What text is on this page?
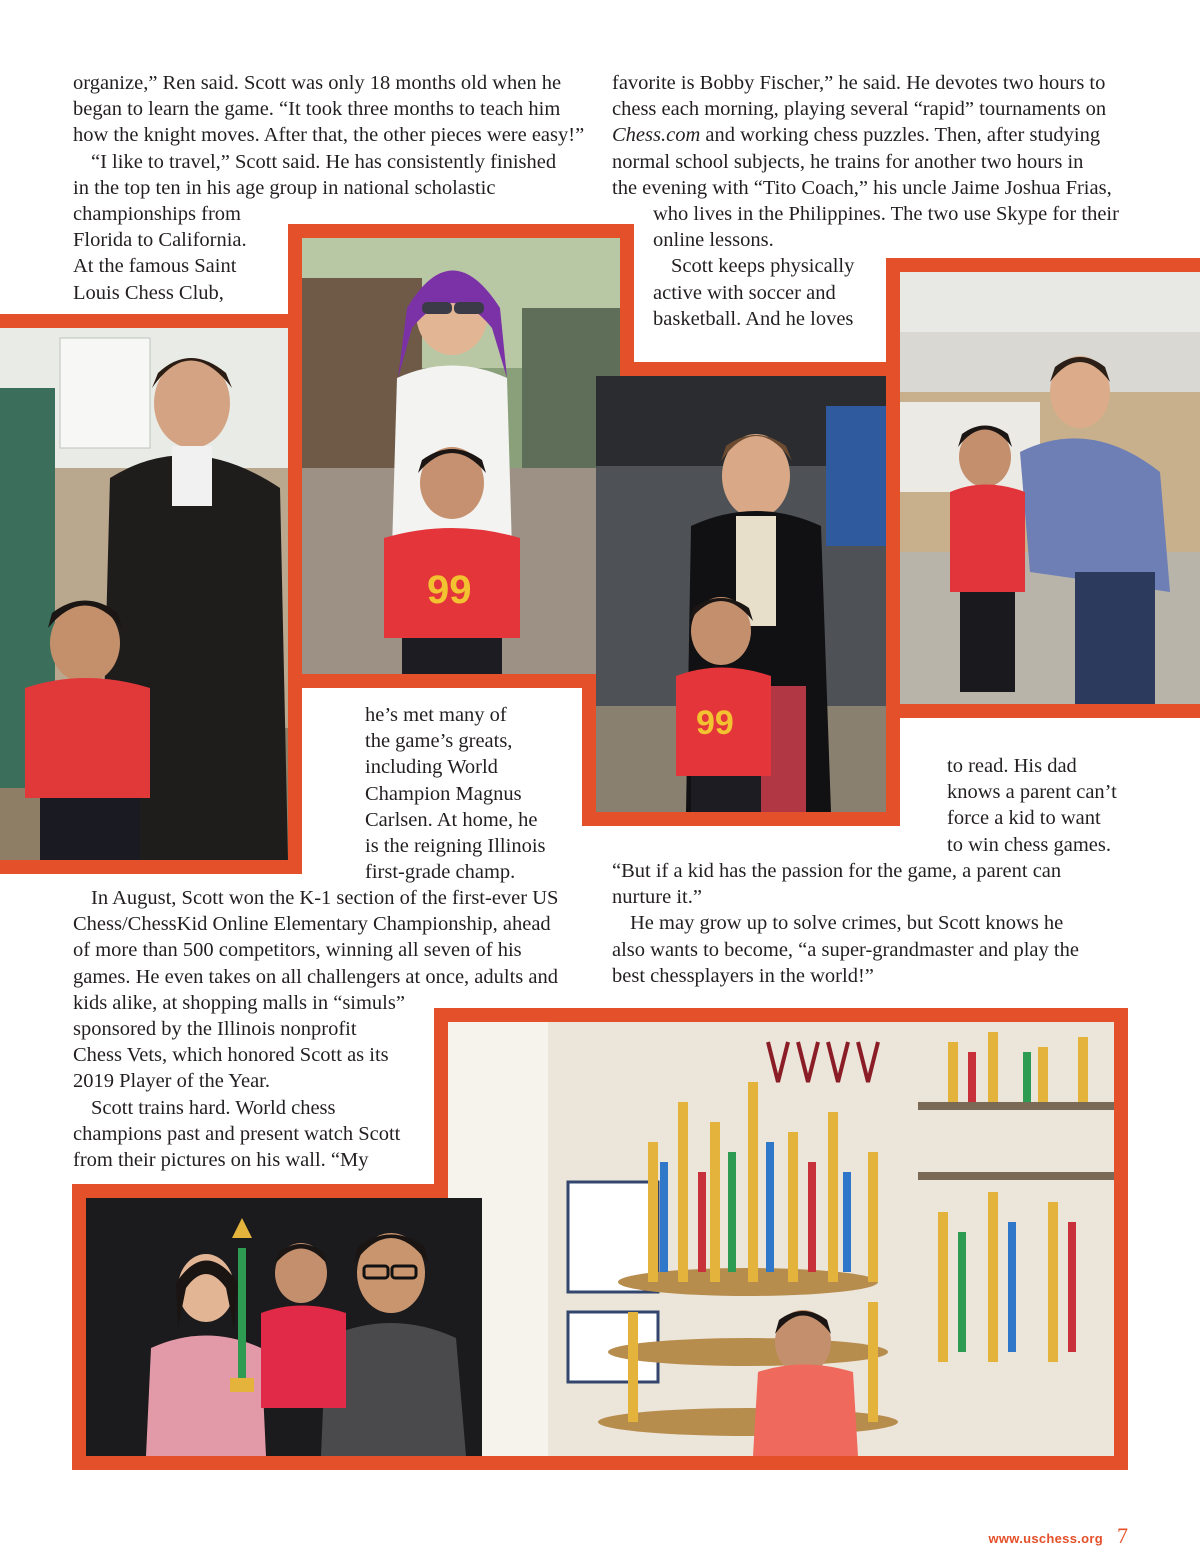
organize,” Ren said. Scott was only 18 months old when he
began to learn the game. “It took three months to teach him
how the knight moves. After that, the other pieces were easy!”
“I like to travel,” Scott said. He has consistently finished
in the top ten in his age group in national scholastic
championships from
Florida to California.
At the famous Saint
Louis Chess Club,
he’s met many of
the game’s greats,
including World
Champion Magnus
Carlsen. At home, he
is the reigning Illinois
first-grade champ.
In August, Scott won the K-1 section of the first-ever US
Chess/ChessKid Online Elementary Championship, ahead
of more than 500 competitors, winning all seven of his
games. He even takes on all challengers at once, adults and
kids alike, at shopping malls in “simuls”
sponsored by the Illinois nonprofit
Chess Vets, which honored Scott as its
2019 Player of the Year.
Scott trains hard. World chess
champions past and present watch Scott
from their pictures on his wall. “My
favorite is Bobby Fischer,” he said. He devotes two hours to
chess each morning, playing several “rapid” tournaments on
Chess.com and working chess puzzles. Then, after studying
normal school subjects, he trains for another two hours in
the evening with “Tito Coach,” his uncle Jaime Joshua Frias,
who lives in the Philippines. The two use Skype for their
online lessons.
Scott keeps physically
active with soccer and
basketball. And he loves
to read. His dad
knows a parent can’t
force a kid to want
to win chess games.
“But if a kid has the passion for the game, a parent can
nurture it.”
He may grow up to solve crimes, but Scott knows he
also wants to become, “a super-grandmaster and play the
best chessplayers in the world!”
99
99
www.uschess.org 7
